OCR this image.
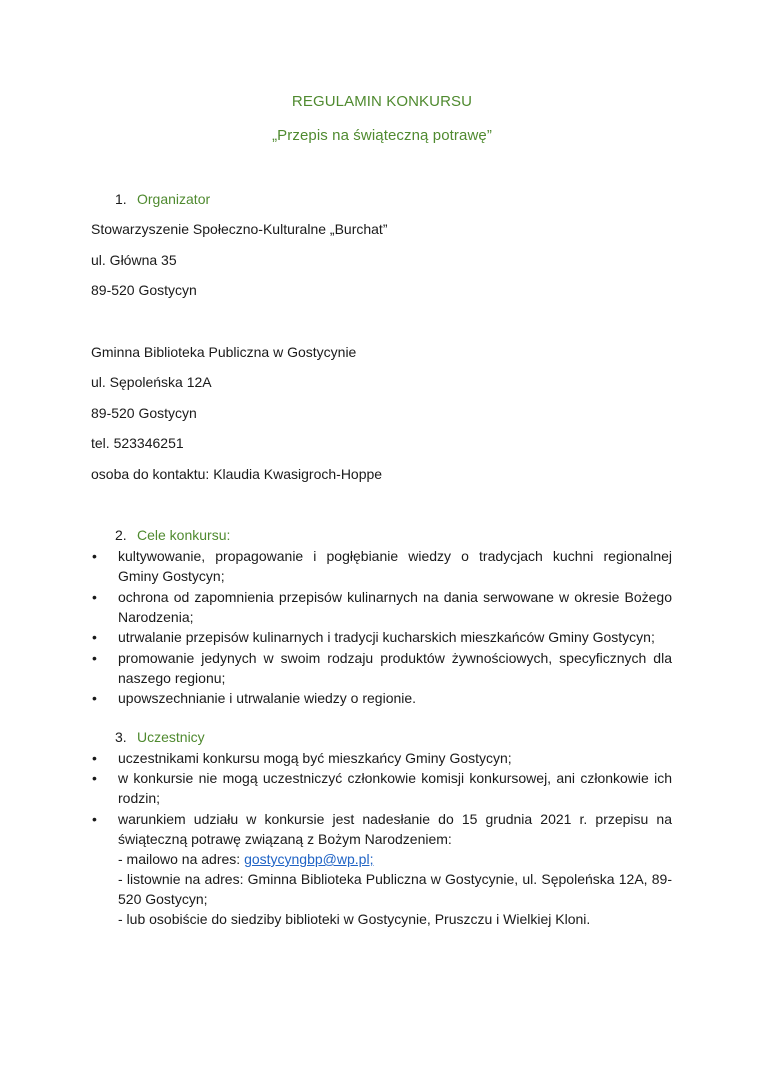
REGULAMIN KONKURSU
„Przepis na świąteczną potrawę”
1. Organizator
Stowarzyszenie Społeczno-Kulturalne „Burchat”
ul. Główna 35
89-520 Gostycyn
Gminna Biblioteka Publiczna w Gostycynie
ul. Sępoleńska 12A
89-520 Gostycyn
tel. 523346251
osoba do kontaktu: Klaudia Kwasigroch-Hoppe
2. Cele konkursu:
• kultywowanie, propagowanie i pogłębianie wiedzy o tradycjach kuchni regionalnej
Gminy Gostycyn;
• ochrona od zapomnienia przepisów kulinarnych na dania serwowane w okresie Bożego
Narodzenia;
• utrwalanie przepisów kulinarnych i tradycji kucharskich mieszkańców Gminy Gostycyn;
• promowanie jedynych w swoim rodzaju produktów żywnościowych, specyficznych dla
naszego regionu;
• upowszechnianie i utrwalanie wiedzy o regionie.
3. Uczestnicy
• uczestnikami konkursu mogą być mieszkańcy Gminy Gostycyn;
• w konkursie nie mogą uczestniczyć członkowie komisji konkursowej, ani członkowie ich
rodzin;
• warunkiem udziału w konkursie jest nadesłanie do 15 grudnia 2021 r. przepisu na
świąteczną potrawę związaną z Bożym Narodzeniem:
- mailowo na adres: gostycyngbp@wp.pl;
- listownie na adres: Gminna Biblioteka Publiczna w Gostycynie, ul. Sępoleńska 12A, 89-
520 Gostycyn;
- lub osobiście do siedziby biblioteki w Gostycynie, Pruszczu i Wielkiej Kloni.
